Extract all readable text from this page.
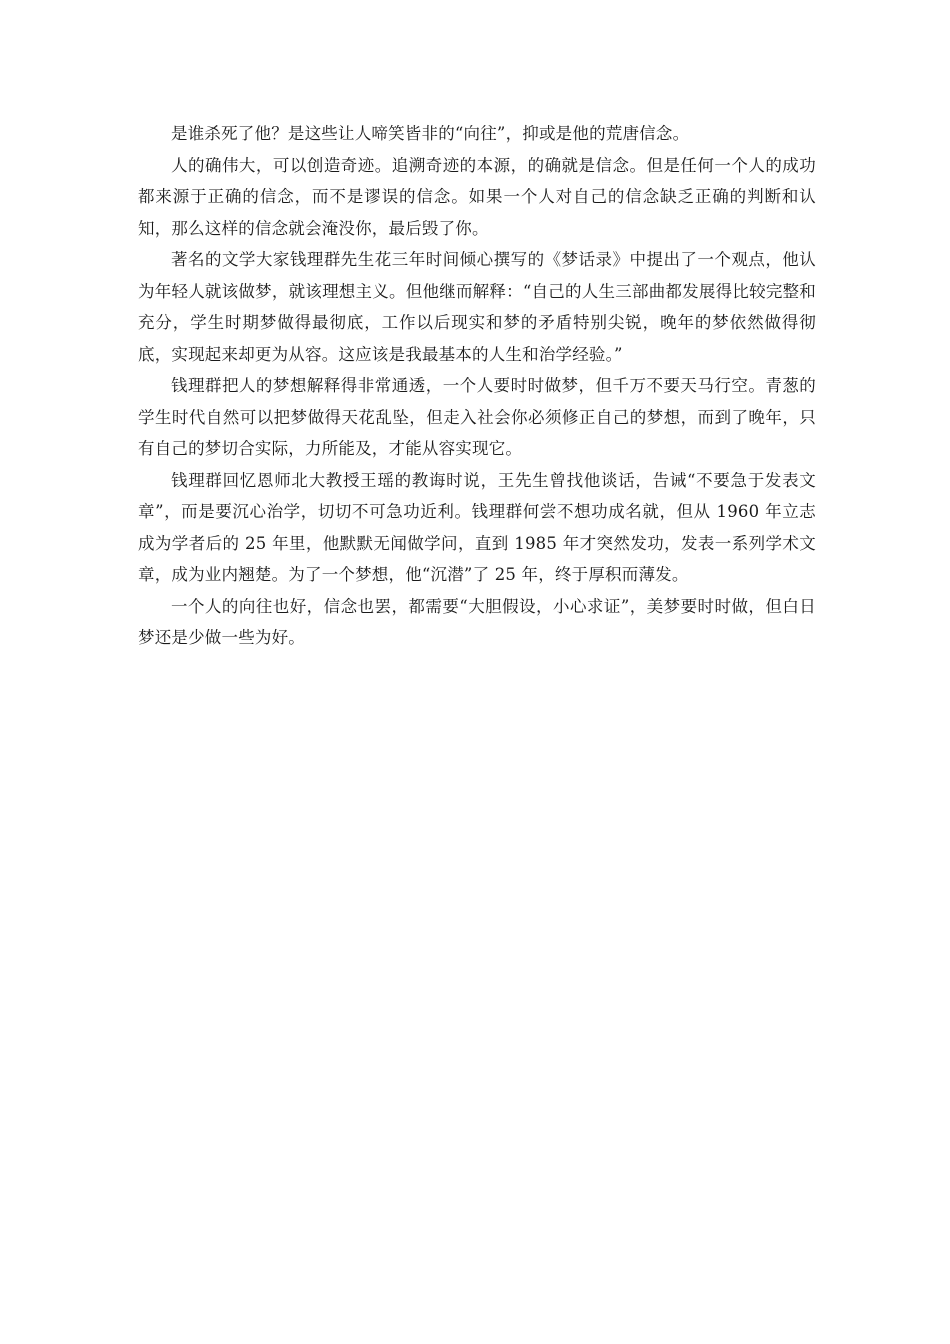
是谁杀死了他？是这些让人啼笑皆非的“向往”，抑或是他的荒唐信念。

人的确伟大，可以创造奇迹。追溯奇迹的本源，的确就是信念。但是任何一个人的成功都来源于正确的信念，而不是谬误的信念。如果一个人对自己的信念缺乏正确的判断和认知，那么这样的信念就会淹没你，最后毁了你。

著名的文学大家钱理群先生花三年时间倾心撰写的《梦话录》中提出了一个观点，他认为年轻人就该做梦，就该理想主义。但他继而解释：“自己的人生三部曲都发展得比较完整和充分，学生时期梦做得最彻底，工作以后现实和梦的矛盾特别尖锐，晚年的梦依然做得彻底，实现起来却更为从容。这应该是我最基本的人生和治学经验。”

钱理群把人的梦想解释得非常通透，一个人要时时做梦，但千万不要天马行空。青葱的学生时代自然可以把梦做得天花乱坠，但走入社会你必须修正自己的梦想，而到了晚年，只有自己的梦切合实际，力所能及，才能从容实现它。

钱理群回忆恩师北大教授王瑶的教诲时说，王先生曾找他谈话，告诫“不要急于发表文章”，而是要沉心治学，切切不可急功近利。钱理群何尝不想功成名就，但从 1960 年立志成为学者后的 25 年里，他默默无闻做学问，直到 1985 年才突然发功，发表一系列学术文章，成为业内翘楚。为了一个梦想，他“沉潜”了 25 年，终于厚积而薄发。

一个人的向往也好，信念也罢，都需要“大胆假设，小心求证”，美梦要时时做，但白日梦还是少做一些为好。
